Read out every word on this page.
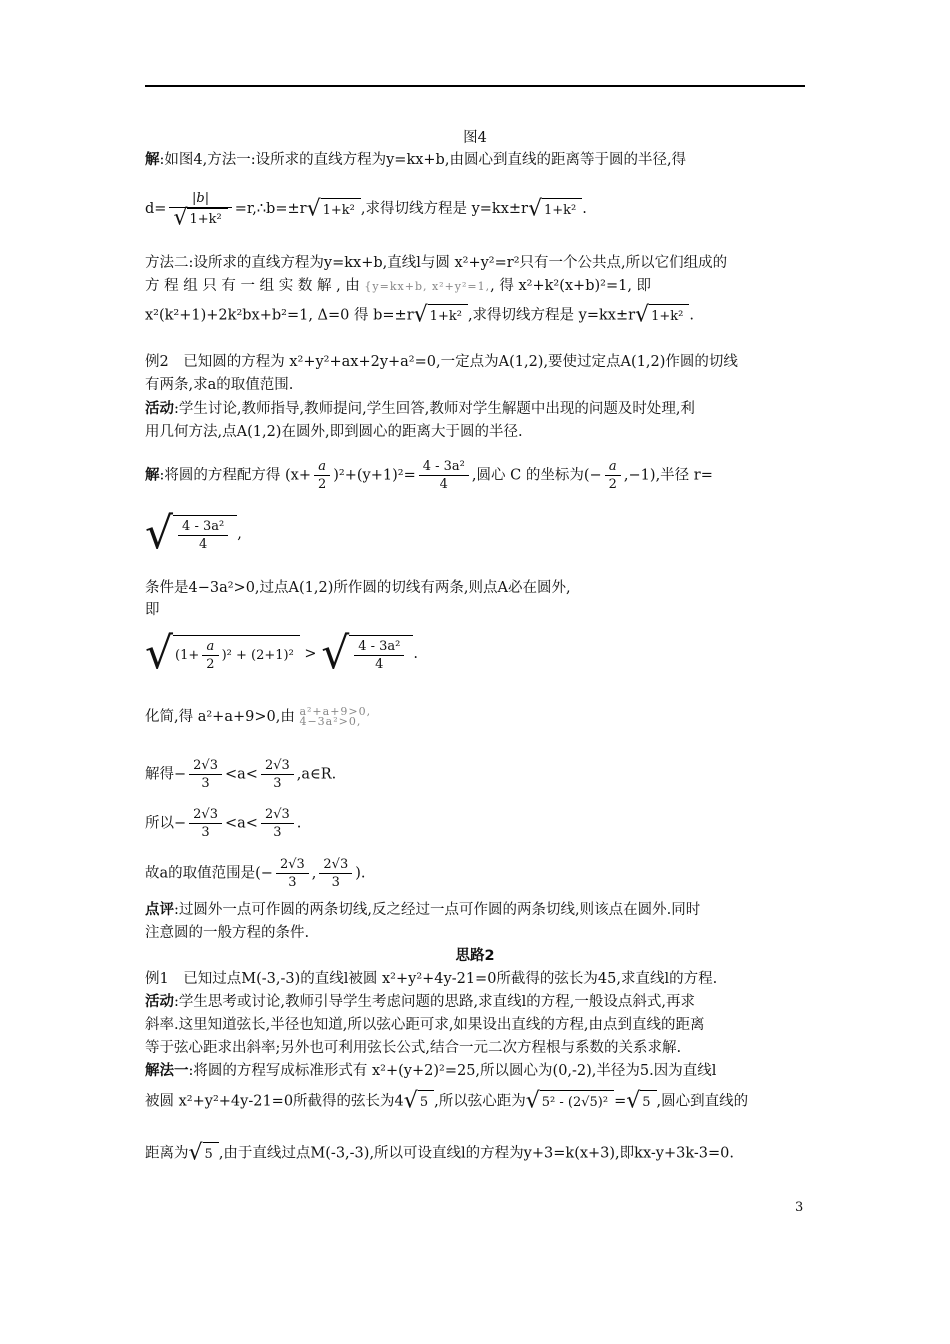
图4
解:如图4,方法一:设所求的直线方程为y=kx+b,由圆心到直线的距离等于圆的半径,得
$d= \frac{|b|}{\text{√ 1+k²}}$ =r,∴b=±r√ 1+k² ,求得切线方程是 y=kx±r√ 1+k² .
方法二:设所求的直线方程为y=kx+b,直线l与圆 x²+y²=r²只有一个公共点,所以它们组成的
方 程 组 只 有 一 组 实 数 解 , 由 {y=kx+b, x²+y²=1,, 得 x²+k²(x+b)²=1, 即
x²(k²+1)+2k²bx+b²=1, Δ=0 得 b=±r√ 1+k² ,求得切线方程是 y=kx±r√ 1+k² .
例2　已知圆的方程为 x²+y²+ax+2y+a²=0,一定点为A(1,2),要使过定点A(1,2)作圆的切线
有两条,求a的取值范围.
活动:学生讨论,教师指导,教师提问,学生回答,教师对学生解题中出现的问题及时处理,利
用几何方法,点A(1,2)在圆外,即到圆心的距离大于圆的半径.
解:将圆的方程配方得 $(x+ \frac{a}{2} )^2+(y+1)^2= \frac{\text{4 - 3a²}}{4}$ ,圆心 C 的坐标为(− $\frac{a}{2} ,-1$),半径 r=
√ $\frac{\text{4 - 3a²}}{4}$ ,
条件是4−3a²>0,过点A(1,2)所作圆的切线有两条,则点A必在圆外,
即
√ $(1+ \frac{a}{2} )^2 + (2+1)^2$ > √ $\frac{\text{4 - 3a²}}{4}$ .
化简,得 a²+a+9>0,由 a²+a+9>0,
4−3a²>0,
解得− $\frac{2√3}{3} <a< \frac{2√3}{3}$ ,a∈R.
所以− $\frac{2√3}{3} <a< \frac{2√3}{3}$ .
故a的取值范围是(− $\frac{2√3}{3}$ , $\frac{2√3}{3}$ ).
点评:过圆外一点可作圆的两条切线,反之经过一点可作圆的两条切线,则该点在圆外.同时
注意圆的一般方程的条件.
思路2
例1　已知过点M(-3,-3)的直线l被圆 x²+y²+4y-21=0所截得的弦长为45,求直线l的方程.
活动:学生思考或讨论,教师引导学生考虑问题的思路,求直线l的方程,一般设点斜式,再求
斜率.这里知道弦长,半径也知道,所以弦心距可求,如果设出直线的方程,由点到直线的距离
等于弦心距求出斜率;另外也可利用弦长公式,结合一元二次方程根与系数的关系求解.
解法一:将圆的方程写成标准形式有 x²+(y+2)²=25,所以圆心为(0,-2),半径为5.因为直线l
被圆 x²+y²+4y-21=0所截得的弦长为4√ 5 ,所以弦心距为√ 5² - (2√5)² =√ 5 ,圆心到直线的
距离为√ 5 ,由于直线过点M(-3,-3),所以可设直线l的方程为y+3=k(x+3),即kx-y+3k-3=0.
3
